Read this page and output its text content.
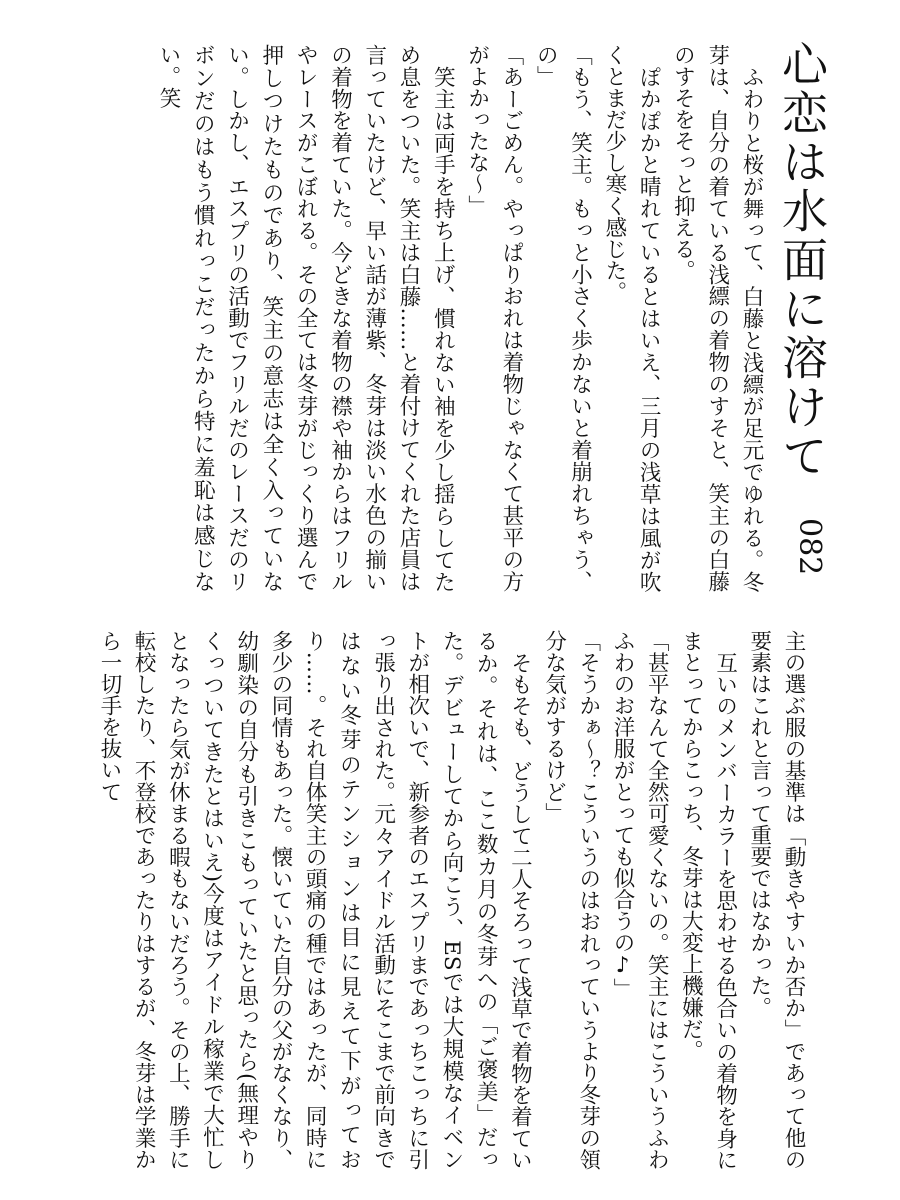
心恋は水面に溶けて
082

ふわりと桜が舞って、白藤と浅縹が足元でゆれる。冬芽は、自分の着ている浅縹の着物のすそと、笑主の白藤のすそをそっと抑える。

ぽかぽかと晴れているとはいえ、三月の浅草は風が吹くとまだ少し寒く感じた。

「もう、笑主。もっと小さく歩かないと着崩れちゃう、の」

「あーごめん。やっぱりおれは着物じゃなくて甚平の方がよかったな～」

笑主は両手を持ち上げ、慣れない袖を少し揺らしてため息をついた。笑主は白藤……と着付けてくれた店員は言っていたけど、早い話が薄紫、冬芽は淡い水色の揃いの着物を着ていた。今どきな着物の襟や袖からはフリルやレースがこぼれる。その全ては冬芽がじっくり選んで押しつけたものであり、笑主の意志は全く入っていない。しかし、エスプリの活動でフリルだのレースだのリボンだのはもう慣れっこだったから特に羞恥は感じない。笑

主の選ぶ服の基準は「動きやすいか否か」であって他の要素はこれと言って重要ではなかった。

互いのメンバーカラーを思わせる色合いの着物を身にまとってからこっち、冬芽は大変上機嫌だ。

「甚平なんて全然可愛くないの。笑主にはこういうふわふわのお洋服がとっても似合うの♪」

「そうかぁ～？こういうのはおれっていうより冬芽の領分な気がするけど」

そもそも、どうして二人そろって浅草で着物を着ているか。それは、ここ数カ月の冬芽への「ご褒美」だった。デビューしてから向こう、ESでは大規模なイベントが相次いで、新参者のエスプリまであっちこっちに引っ張り出された。元々アイドル活動にそこまで前向きではない冬芽のテンションは目に見えて下がっており……。それ自体笑主の頭痛の種ではあったが、同時に多少の同情もあった。懐いていた自分の父がなくなり、幼馴染の自分も引きこもっていたと思ったら(無理やりくっついてきたとはいえ)今度はアイドル稼業で大忙しとなったら気が休まる暇もないだろう。その上、勝手に転校したり、不登校であったりはするが、冬芽は学業から一切手を抜いて
